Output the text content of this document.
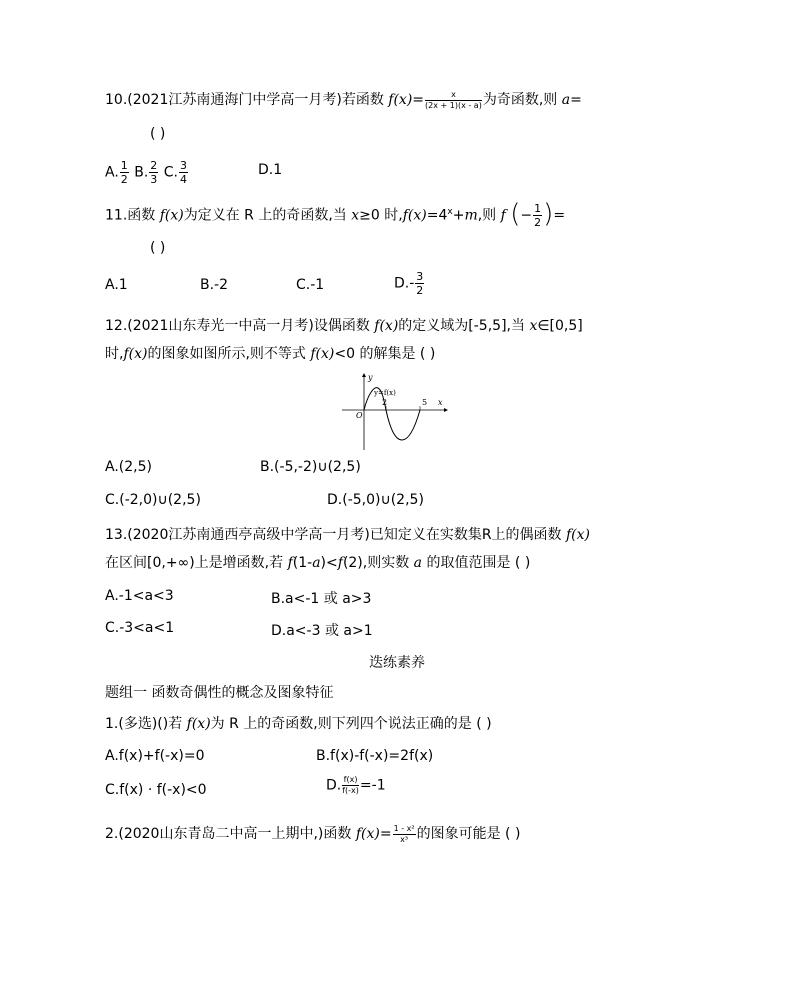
10.(2021江苏南通海门中学高一月考)若函数 $f(x)= \frac{x}{(2x + 1)(x - a)}$ 为奇函数,则 a=
( )
A. $\frac{1}{2} B$. $\frac{2}{3} C$. $\frac{3}{4}$	D.1
11.函数 f(x)为定义在 R 上的奇函数,当 x≥0 时$,f(x)=4^x+m$,则 f (− $\frac{1}{2}$ )=
( )
A.1	B.-2	C.-1	$D.- \frac{3}{2}$
12.(2021山东寿光一中高一月考)设偶函数 f(x)的定义域为[-5,5],当 x∈[0,5]
时,f(x)的图象如图所示,则不等式 f(x)<0 的解集是 ( )
y
y=f(x)
O
2	5 x
A.(2,5)	B.(-5,-2)∪(2,5)
C.(-2,0)∪(2,5)	D.(-5,0)∪(2,5)
13.(2020江苏南通西亭高级中学高一月考)已知定义在实数集R上的偶函数 f(x)
在区间[0,+∞)上是增函数,若 f(1-a)<f(2),则实数 a 的取值范围是 ( )
A.-1<a<3	B.a<-1 或 a>3
C.-3<a<1	D.a<-3 或 a>1
迭练素养
题组一 函数奇偶性的概念及图象特征
1.(多选)()若 f(x)为 R 上的奇函数,则下列四个说法正确的是 ( )
A.f(x)+f(-x)=0	B.f(x)-f(-x)=2f(x)
C.f(x) · f(-x)<0	D. $\frac{f(x)}{f(-x)} =-1$
2.(2020山东青岛二中高一上期中,)函数 $f(x)= \frac{\text{1 - x²}}{\text{x³}}$ 的图象可能是 ( )
